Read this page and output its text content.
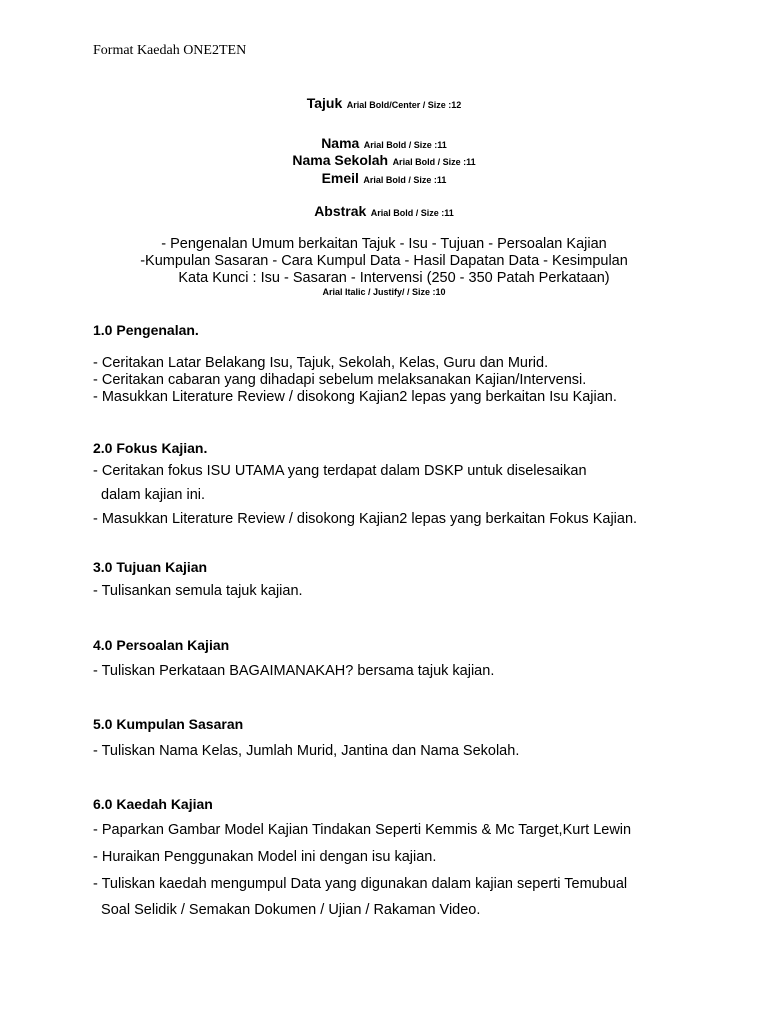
Format Kaedah ONE2TEN
Tajuk Arial Bold/Center / Size :12
Nama Arial Bold / Size :11
Nama Sekolah Arial Bold / Size :11
Emeil Arial Bold / Size :11
Abstrak Arial Bold / Size :11
- Pengenalan Umum berkaitan Tajuk - Isu - Tujuan - Persoalan Kajian
-Kumpulan Sasaran - Cara Kumpul Data - Hasil Dapatan Data - Kesimpulan
Kata Kunci : Isu - Sasaran - Intervensi (250 - 350 Patah Perkataan)
Arial Italic / Justify/ / Size :10
1.0 Pengenalan.
- Ceritakan Latar Belakang Isu, Tajuk, Sekolah, Kelas, Guru dan Murid.
- Ceritakan cabaran yang dihadapi sebelum melaksanakan Kajian/Intervensi.
- Masukkan Literature Review / disokong Kajian2 lepas yang berkaitan Isu Kajian.
2.0 Fokus Kajian.
- Ceritakan fokus ISU UTAMA yang terdapat dalam DSKP untuk diselesaikan
dalam kajian ini.
- Masukkan Literature Review / disokong Kajian2 lepas yang berkaitan Fokus Kajian.
3.0 Tujuan Kajian
- Tulisankan semula tajuk kajian.
4.0 Persoalan Kajian
- Tuliskan Perkataan BAGAIMANAKAH? bersama tajuk kajian.
5.0 Kumpulan Sasaran
- Tuliskan Nama Kelas, Jumlah Murid, Jantina dan Nama Sekolah.
6.0 Kaedah Kajian
- Paparkan Gambar Model Kajian Tindakan Seperti Kemmis & Mc Target,Kurt Lewin
- Huraikan Penggunakan Model ini dengan isu kajian.
- Tuliskan kaedah mengumpul Data yang digunakan dalam kajian seperti Temubual
Soal Selidik / Semakan Dokumen / Ujian / Rakaman Video.
